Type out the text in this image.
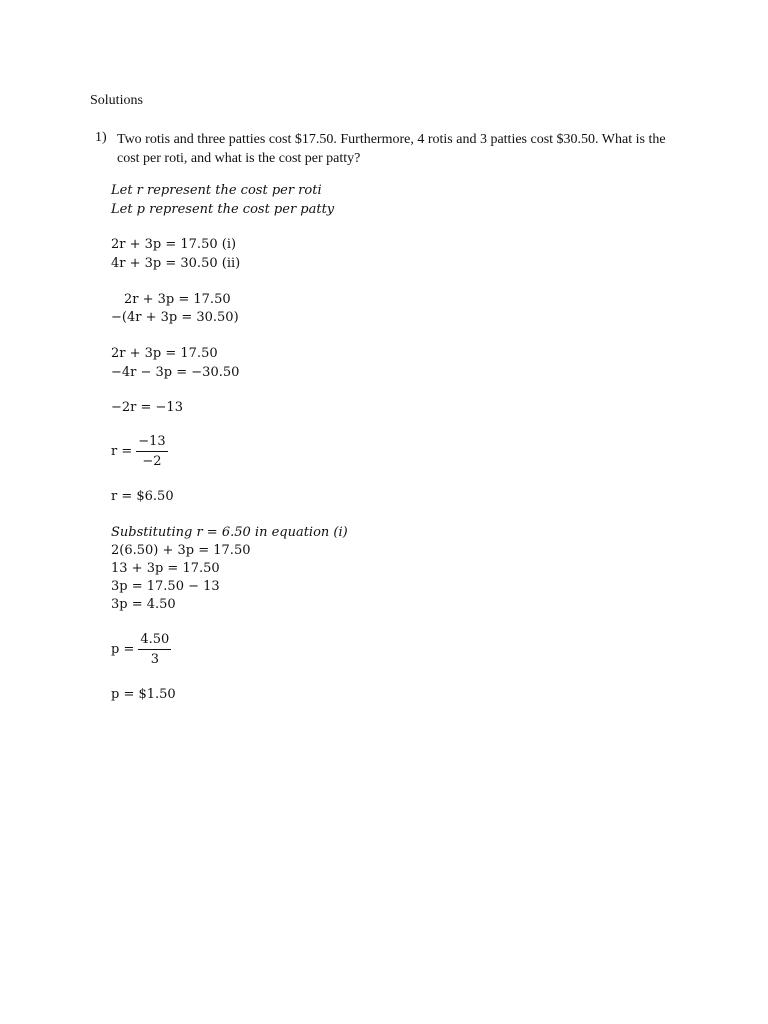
Solutions
1) Two rotis and three patties cost $17.50. Furthermore, 4 rotis and 3 patties cost $30.50. What is the cost per roti, and what is the cost per patty?
Let r represent the cost per roti
Let p represent the cost per patty
2r + 3p = 17.50 (i)
4r + 3p = 30.50 (ii)
2r + 3p = 17.50
−(4r + 3p = 30.50)
2r + 3p = 17.50
−4r − 3p = −30.50
−2r = −13
$r = \frac{-13}{-2}$
r = $6.50
Substituting r = 6.50 in equation (i)
2(6.50) + 3p = 17.50
13 + 3p = 17.50
3p = 17.50 − 13
3p = 4.50
$p = \frac{4.50}{3}$
p = $1.50
